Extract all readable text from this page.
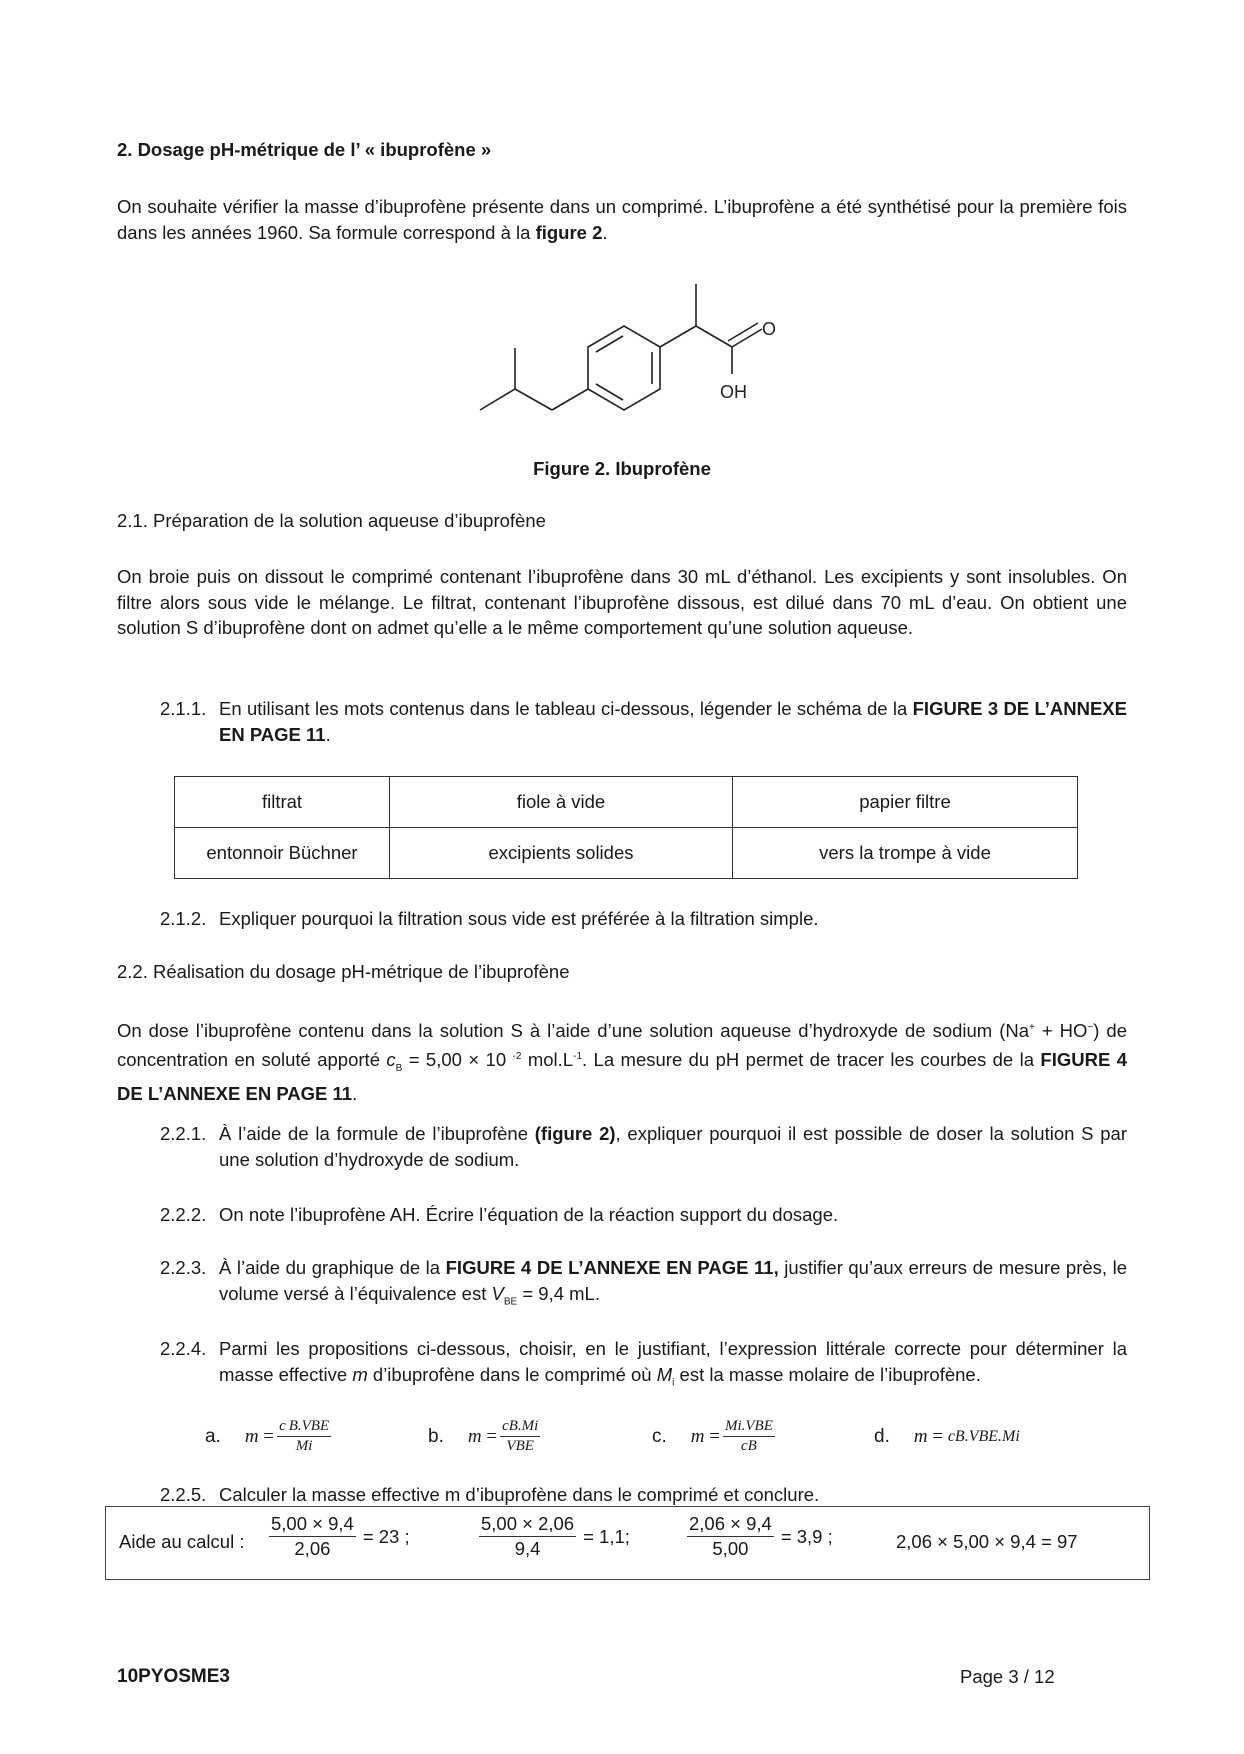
2. Dosage pH-métrique de l’ « ibuprofène »

On souhaite vérifier la masse d’ibuprofène présente dans un comprimé. L’ibuprofène a été synthétisé pour la première fois dans les années 1960. Sa formule correspond à la figure 2.

O
OH

Figure 2. Ibuprofène

2.1. Préparation de la solution aqueuse d’ibuprofène

On broie puis on dissout le comprimé contenant l’ibuprofène dans 30 mL d’éthanol. Les excipients y sont insolubles. On filtre alors sous vide le mélange. Le filtrat, contenant l’ibuprofène dissous, est dilué dans 70 mL d’eau. On obtient une solution S d’ibuprofène dont on admet qu’elle a le même comportement qu’une solution aqueuse.

2.1.1. En utilisant les mots contenus dans le tableau ci-dessous, légender le schéma de la FIGURE 3 DE L’ANNEXE EN PAGE 11.
filtrat	fiole à vide	papier filtre
entonnoir Büchner	excipients solides	vers la trompe à vide
2.1.2. Expliquer pourquoi la filtration sous vide est préférée à la filtration simple.

2.2. Réalisation du dosage pH-métrique de l’ibuprofène

On dose l’ibuprofène contenu dans la solution S à l’aide d’une solution aqueuse d’hydroxyde de sodium (Na+ + HO−) de concentration en soluté apporté $c_B = 5,00 \times 10$ $^{-2}$ $mol.L^{-1}$. La mesure du pH permet de tracer les courbes de la FIGURE 4 DE L’ANNEXE EN PAGE 11.

2.2.1. À l’aide de la formule de l’ibuprofène (figure 2), expliquer pourquoi il est possible de doser la solution S par une solution d’hydroxyde de sodium.
2.2.2. On note l’ibuprofène AH. Écrire l’équation de la réaction support du dosage.
2.2.3. À l’aide du graphique de la FIGURE 4 DE L’ANNEXE EN PAGE 11, justifier qu’aux erreurs de mesure près, le volume versé à l’équivalence est $V_{BE} = 9,4$ mL.
2.2.4. Parmi les propositions ci-dessous, choisir, en le justifiant, l’expression littérale correcte pour déterminer la masse effective m d’ibuprofène dans le comprimé où $M_i$ est la masse molaire de l’ibuprofène.
a. m
= $\frac{\text{c B.VBE}}{Mi}$	b. m
= $\frac{cB.Mi}{\text{VBE}}$	c. m
= $\frac{\text{Mi.VBE}}{cB}$	d. m
=
cB.VBE.Mi
2.2.5. Calculer la masse effective m d’ibuprofène dans le comprimé et conclure.
Aide au calcul : $\frac{5,00 \times 9,4}{2,06} = 23$ ;	$\frac{5,00 \times 2,06}{9,4} = 1,1$;	$\frac{2,06 \times 9,4}{5,00} = 3,9$ ;	2,06 × 5,00 × 9,4 = 97

10PYOSME3	Page 3 / 12
